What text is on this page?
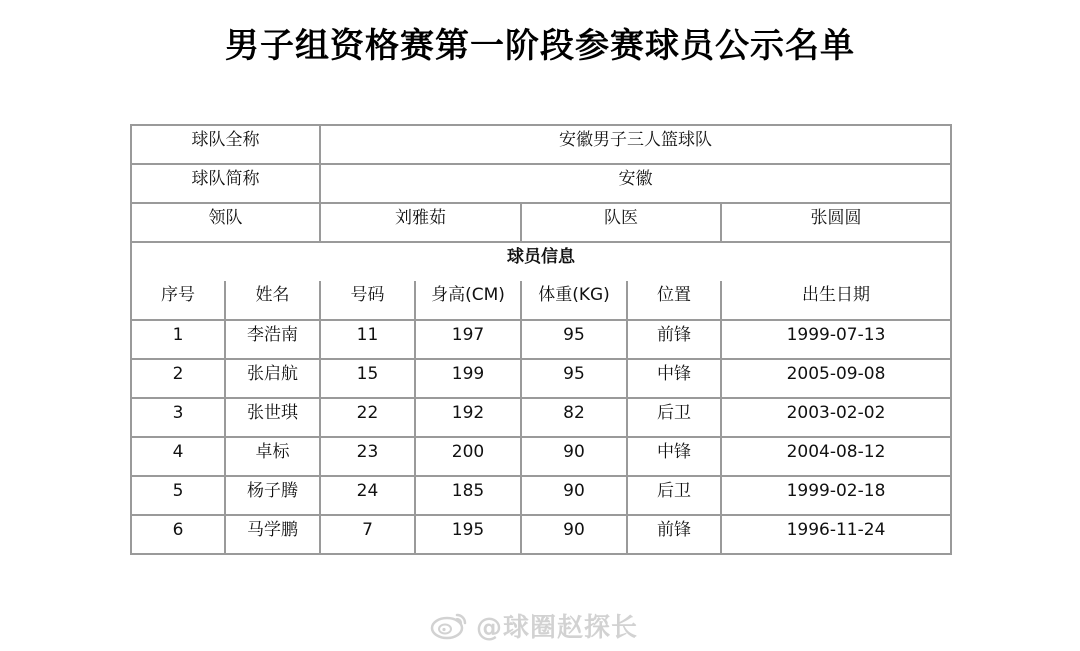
男子组资格赛第一阶段参赛球员公示名单
球队全称		安徽男子三人篮球队				
球队简称		安徽				
领队		刘雅茹		队医		张圆圆
球员信息						
序号	姓名	号码	身高(CM)	体重(KG)	位置	出生日期
1	李浩南	11	197	95	前锋	1999-07-13
2	张启航	15	199	95	中锋	2005-09-08
3	张世琪	22	192	82	后卫	2003-02-02
4	卓标	23	200	90	中锋	2004-08-12
5	杨子腾	24	185	90	后卫	1999-02-18
6	马学鹏	7	195	90	前锋	1996-11-24
@球圈赵探长
